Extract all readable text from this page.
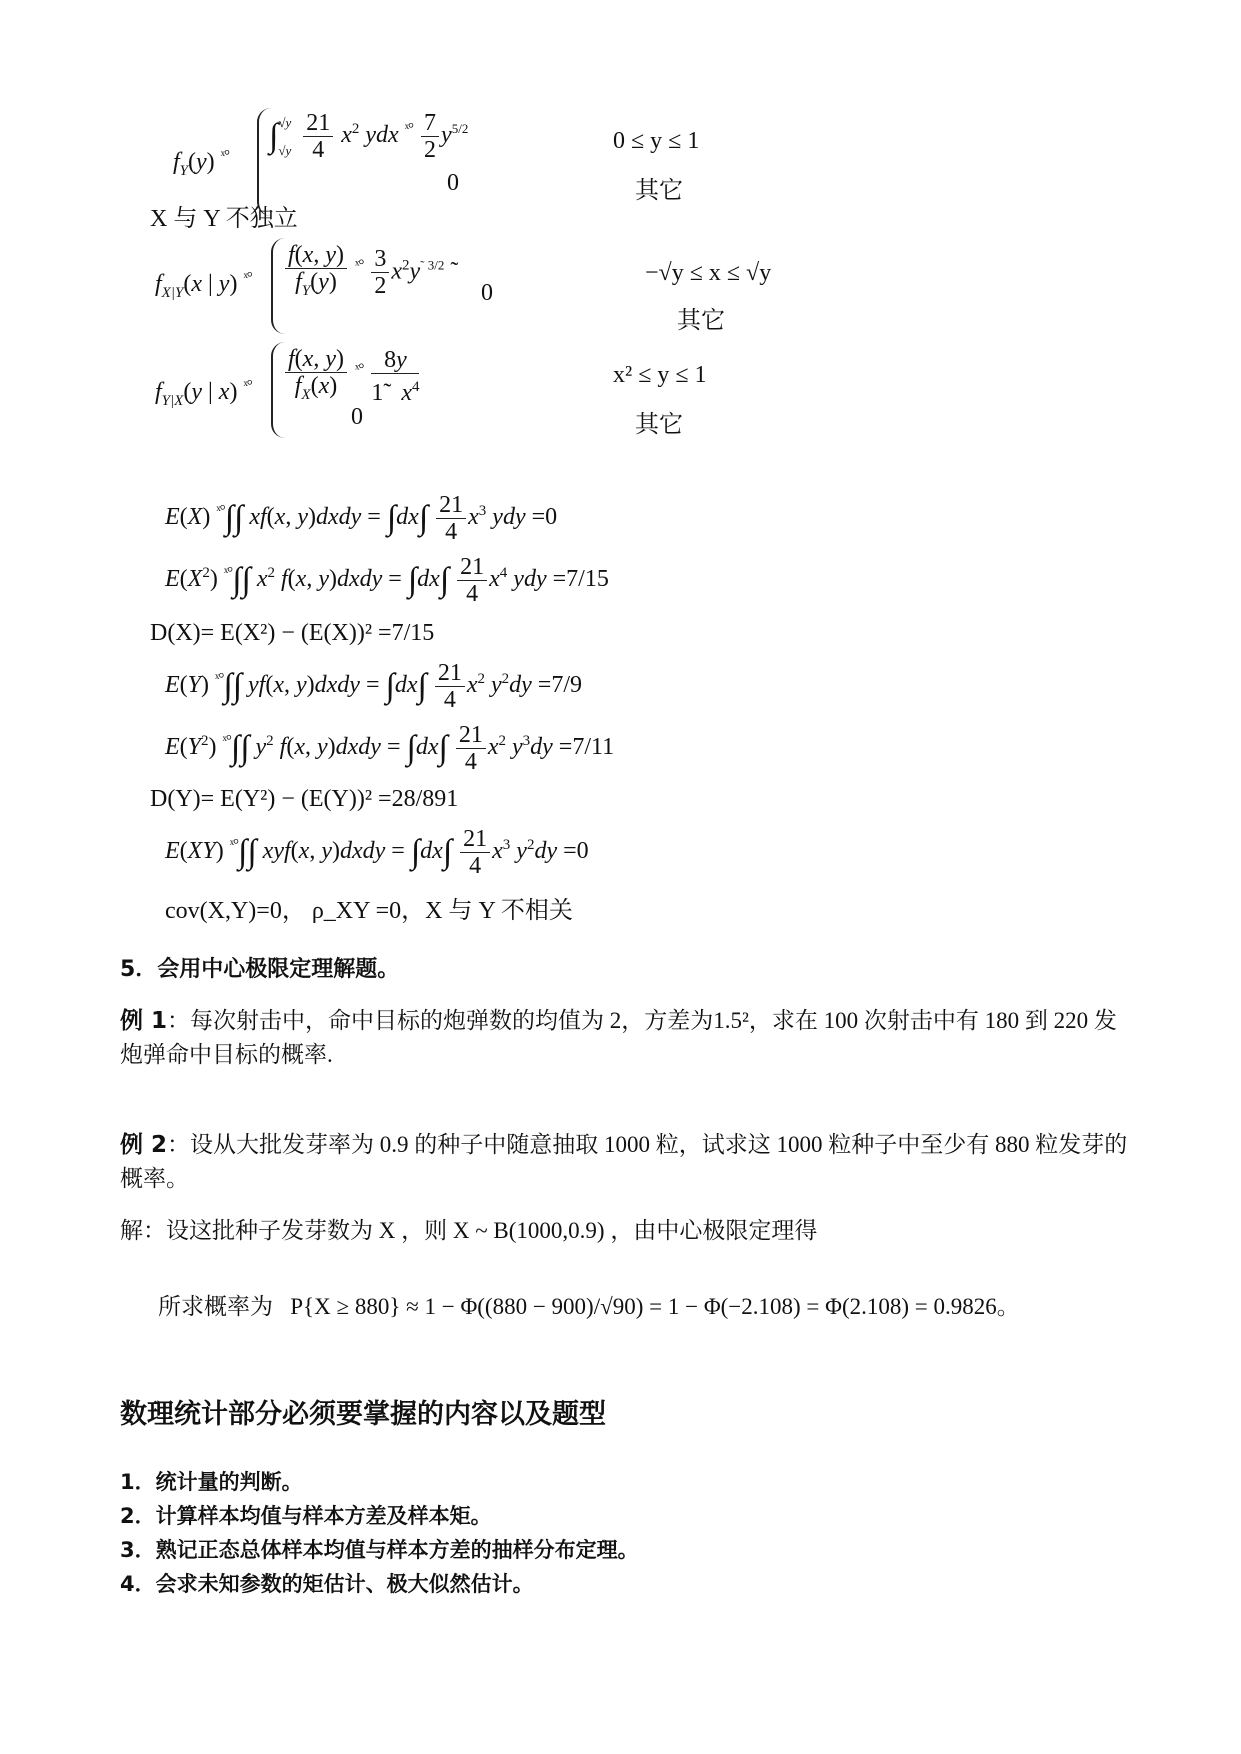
$f_Y(y)$ $^{ˣ^\circ}$
∫√y

$√y \frac{21}{4} x^2$ ydx $^{ˣ^\circ} \frac{7}{2} y^{5/2}$
0
0 ≤ y ≤ 1
其它
X 与 Y 不独立
$f_{X|Y}(x$ | y) $^{ˣ^\circ} \frac{f(x, y)}{f_Y(y)} ^{ˣ^\circ} \frac{3}{2} x^2y^{˜ 3/2}$ ˜
0
−√y ≤ x ≤ √y
其它
$f_{Y|X}(y$ | x) $^{ˣ^\circ} \frac{f(x, y)}{f_X(x)} ^{ˣ^\circ} \frac{8y}{1̃ x^4}$
0
x² ≤ y ≤ 1
其它
E(X) $^{ˣ^\circ}$∫∫ xf(x, y)dxdy = $\int dx\int \frac{21}{4} x^3$ ydy =0
$E(X^2)$ $^{ˣ^\circ}$∫∫ $x^2$ f(x, y)dxdy = $\int dx\int \frac{21}{4} x^4$ ydy =7/15
D(X)= E(X²) − (E(X))² =7/15
E(Y) $^{ˣ^\circ}$∫∫ yf(x, y)dxdy = $\int dx\int \frac{21}{4} x^2$ $y^2dy =7/9$
$E(Y^2)$ $^{ˣ^\circ}$∫∫ $y^2$ f(x, y)dxdy = $\int dx\int \frac{21}{4} x^2$ $y^3dy =7/11$
D(Y)= E(Y²) − (E(Y))² =28/891
E(XY) $^{ˣ^\circ}$∫∫ xyf(x, y)dxdy = $\int dx\int \frac{21}{4} x^3$ $y^2dy =0$
cov(X,Y)=0， ρ_XY =0，X 与 Y 不相关
5．会用中心极限定理解题。
例 1：每次射击中，命中目标的炮弹数的均值为 2，方差为1.5²，求在 100 次射击中有 180 到 220 发炮弹命中目标的概率.
例 2：设从大批发芽率为 0.9 的种子中随意抽取 1000 粒，试求这 1000 粒种子中至少有 880 粒发芽的概率。
解：设这批种子发芽数为 X ，则 X ~ B(1000,0.9) ，由中心极限定理得
所求概率为 P{X ≥ 880} ≈ 1 − Φ((880 − 900)/√90) = 1 − Φ(−2.108) = Φ(2.108) = 0.9826。
数理统计部分必须要掌握的内容以及题型
1．统计量的判断。
2．计算样本均值与样本方差及样本矩。
3．熟记正态总体样本均值与样本方差的抽样分布定理。
4．会求未知参数的矩估计、极大似然估计。
